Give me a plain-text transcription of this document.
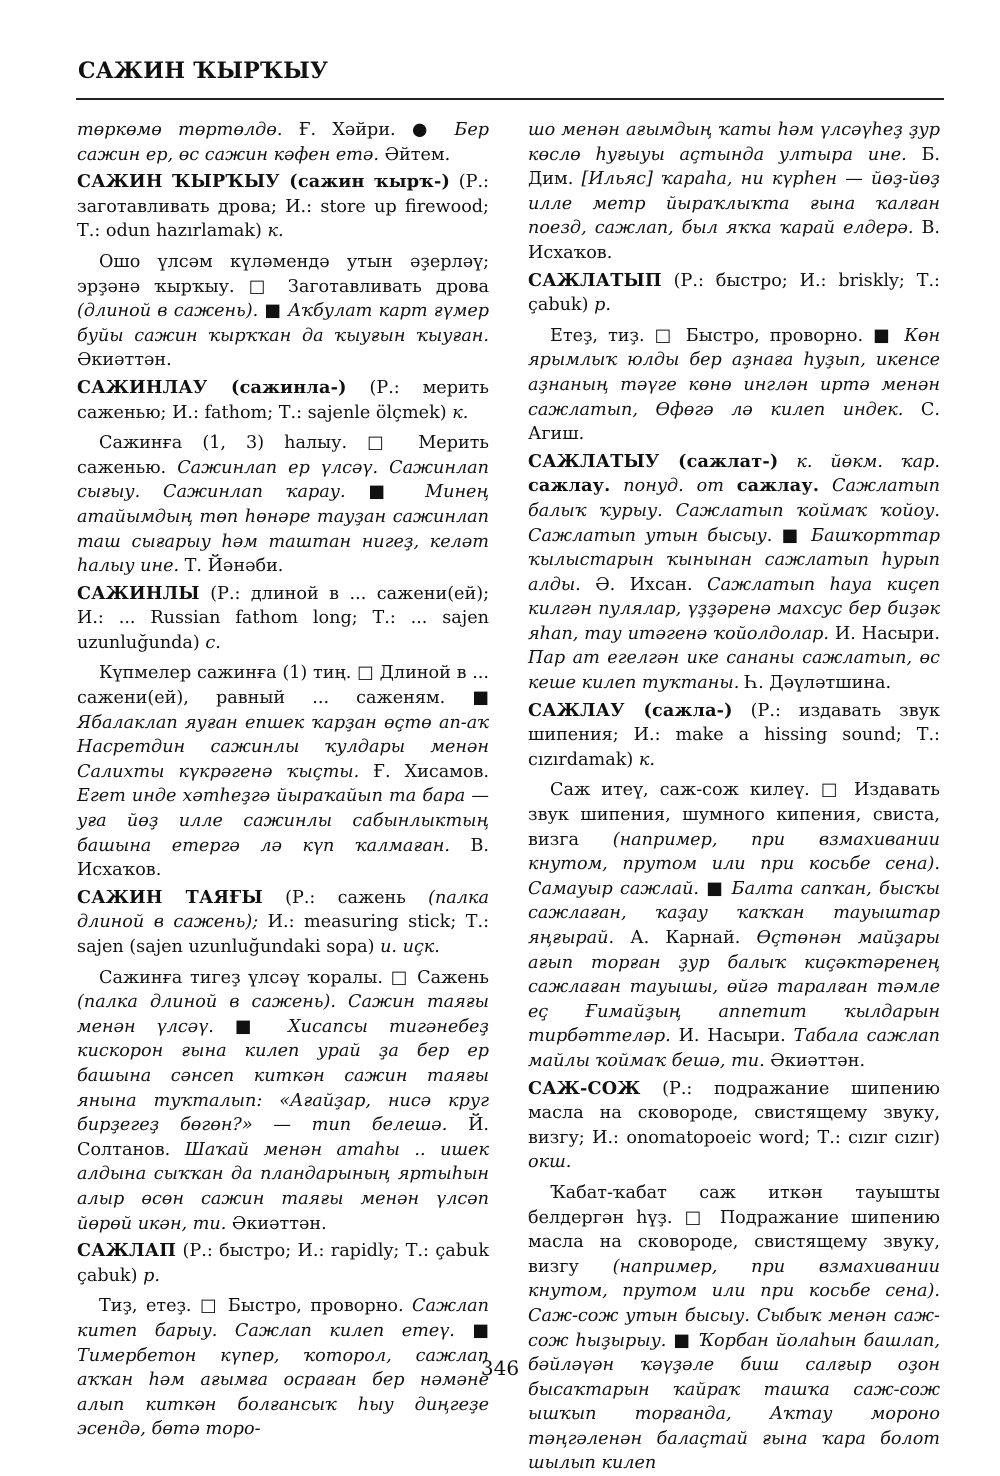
САЖИН ҠЫРҠЫУ

төркөмө төртөлдө. Ғ. Хәйри. ● Бер сажин ер, өс сажин кәфен етә. Әйтем.

САЖИН ҠЫРҠЫУ (сажин ҡырҡ-) (Р.: заготавливать дрова; И.: store up firewood; Т.: odun hazırlamak) к.

Ошо үлсәм күләмендә утын әҙерләү; эрҙәнә ҡырҡыу. □ Заготавливать дрова (длиной в сажень). ■ Аҡбулат карт ғүмер буйы сажин ҡырҡҡан да ҡыуғын ҡыуған. Әкиәттән.

САЖИНЛАУ (сажинла-) (Р.: мерить саженью; И.: fathom; Т.: sajenle ölçmek) к.

Сажинға (1, 3) һалыу. □ Мерить саженью. Сажинлап ер үлсәү. Сажинлап сығыу. Сажинлап ҡарау. ■ Минең атайымдың төп һөнәре тауҙан сажинлап таш сығарыу һәм таштан нигеҙ, келәт һалыу ине. Т. Йәнәби.

САЖИНЛЫ (Р.: длиной в ... сажени(ей); И.: ... Russian fathom long; Т.: ... sajen uzunluğunda) с.

Күпмелер сажинға (1) тиң. □ Длиной в ... сажени(ей), равный ... саженям. ■ Ябалаклап яуған епшек ҡарҙан өҫтө ап-аҡ Насретдин сажинлы ҡулдары менән Салихты күкрәгенә ҡыҫты. Ғ. Хисамов. Егет инде хәтһеҙгә йыраҡайып та бара — уға йөҙ илле сажинлы сабынлыктың башына етергә лә күп ҡалмаған. В. Исхаҡов.

САЖИН ТАЯҒЫ (Р.: сажень (палка длиной в сажень); И.: measuring stick; Т.: sajen (sajen uzunluğundaki sopa) и. иҫк.

Сажинға тигеҙ үлсәү ҡоралы. □ Сажень (палка длиной в сажень). Сажин таяғы менән үлсәү. ■ Хисапсы тигәнебеҙ кискорон ғына килеп урай ҙа бер ер башына сәнсеп киткән сажин таяғы янына туҡталып: «Ағайҙар, нисә круг бирҙегеҙ бөгөн?» — тип белешә. Й. Солтанов. Шаҡай менән атаһы .. ишек алдына сыҡҡан да пландарының яртыһын алыр өсөн сажин таяғы менән үлсәп йөрөй икән, ти. Әкиәттән.

САЖЛАП (Р.: быстро; И.: rapidly; Т.: çabuk çabuk) р.

Тиҙ, етеҙ. □ Быстро, проворно. Сажлап китеп барыу. Сажлап килеп етеү. ■ Тимербетон күпер, ҡоторол, сажлап аҡҡан һәм ағымға осраған бер нәмәне алып киткән болғансыҡ һыу диңгеҙе эсендә, бөтә торо-

шо менән ағымдың ҡаты һәм үлсәүһеҙ ҙур көслө һуғыуы аҫтында ултыра ине. Б. Дим. [Ильяс] ҡараһа, ни күрһен — йөҙ-йөҙ илле метр йыраҡлыҡта ғына ҡалған поезд, сажлап, был яҡҡа ҡарай елдерә. В. Исхаҡов.

САЖЛАТЫП (Р.: быстро; И.: briskly; Т.: çabuk) р.

Етеҙ, тиҙ. □ Быстро, проворно. ■ Көн ярымлыҡ юлды бер аҙнаға һуҙып, икенсе аҙнаның тәүге көнө инглән иртә менән сажлатып, Өфөгә лә килеп индек. С. Агиш.

САЖЛАТЫУ (сажлат-) к. йөкм. ҡар. сажлау. понуд. от сажлау. Сажлатып балыҡ ҡурыу. Сажлатып ҡоймаҡ ҡойоу. Сажлатып утын бысыу. ■ Башҡорттар ҡылыстарын ҡынынан сажлатып һурып алды. Ә. Ихсан. Сажлатып һауа киҫеп килгән пулялар, үҙҙәренә махсус бер биҙәк яһап, тау итәгенә ҡойолдолар. И. Насыри. Пар ат егелгән ике сананы сажлатып, өс кеше килеп туҡтаны. Һ. Дәүләтшина.

САЖЛАУ (сажла-) (Р.: издавать звук шипения; И.: make a hissing sound; Т.: cızırdamak) к.

Саж итеү, саж-сож килеү. □ Издавать звук шипения, шумного кипения, свиста, визга (например, при взмахивании кнутом, прутом или при косьбе сена). Самауыр сажлай. ■ Балта сапҡан, бысҡы сажлаған, ҡаҙау ҡаҡҡан тауыштар яңғырай. А. Карнай. Өҫтөнән майҙары ағып торған ҙур балыҡ киҫәктәренең сажлаған тауышы, өйгә таралған тәмле еҫ Ғимайҙың аппетит ҡылдарын тирбәттеләр. И. Насыри. Табала сажлап майлы ҡоймаҡ бешә, ти. Әкиәттән.

САЖ-СОЖ (Р.: подражание шипению масла на сковороде, свистящему звуку, визгу; И.: onomatopoeic word; Т.: cızır cızır) окш.

Ҡабат-ҡабат саж иткән тауышты белдергән һүҙ. □ Подражание шипению масла на сковороде, свистящему звуку, визгу (например, при взмахивании кнутом, прутом или при косьбе сена). Саж-сож утын бысыу. Сыбыҡ менән саж-сож һыҙырыу. ■ Ҡорбан йолаһын башлап, бәйләүән ҡәүҙәле биш салғыр оҙон бысаҡтарын ҡайраҡ ташҡа саж-сож ышҡып торғанда, Аҡтау мороно тәңгәленән балаҫтай ғына ҡара болот шылып килеп

346
